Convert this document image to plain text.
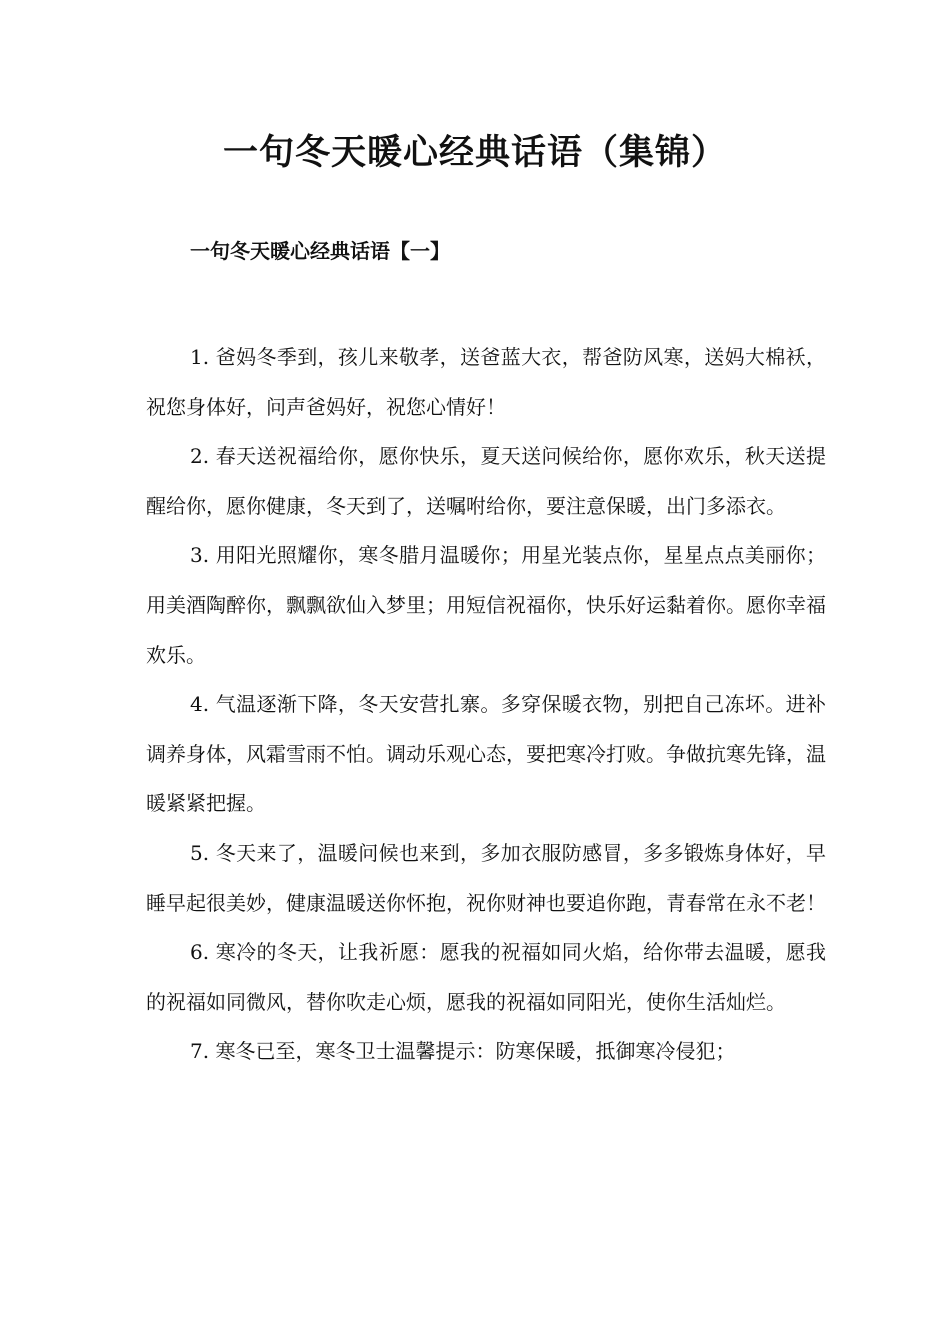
一句冬天暖心经典话语（集锦）
一句冬天暖心经典话语【一】

1. 爸妈冬季到，孩儿来敬孝，送爸蓝大衣，帮爸防风寒，送妈大棉袄，祝您身体好，问声爸妈好，祝您心情好！

2. 春天送祝福给你，愿你快乐，夏天送问候给你，愿你欢乐，秋天送提醒给你，愿你健康，冬天到了，送嘱咐给你，要注意保暖，出门多添衣。

3. 用阳光照耀你，寒冬腊月温暖你；用星光装点你，星星点点美丽你；用美酒陶醉你，飘飘欲仙入梦里；用短信祝福你，快乐好运黏着你。愿你幸福欢乐。

4. 气温逐渐下降，冬天安营扎寨。多穿保暖衣物，别把自己冻坏。进补调养身体，风霜雪雨不怕。调动乐观心态，要把寒冷打败。争做抗寒先锋，温暖紧紧把握。

5. 冬天来了，温暖问候也来到，多加衣服防感冒，多多锻炼身体好，早睡早起很美妙，健康温暖送你怀抱，祝你财神也要追你跑，青春常在永不老！

6. 寒冷的冬天，让我祈愿：愿我的祝福如同火焰，给你带去温暖，愿我的祝福如同微风，替你吹走心烦，愿我的祝福如同阳光，使你生活灿烂。

7. 寒冬已至，寒冬卫士温馨提示：防寒保暖，抵御寒冷侵犯；
